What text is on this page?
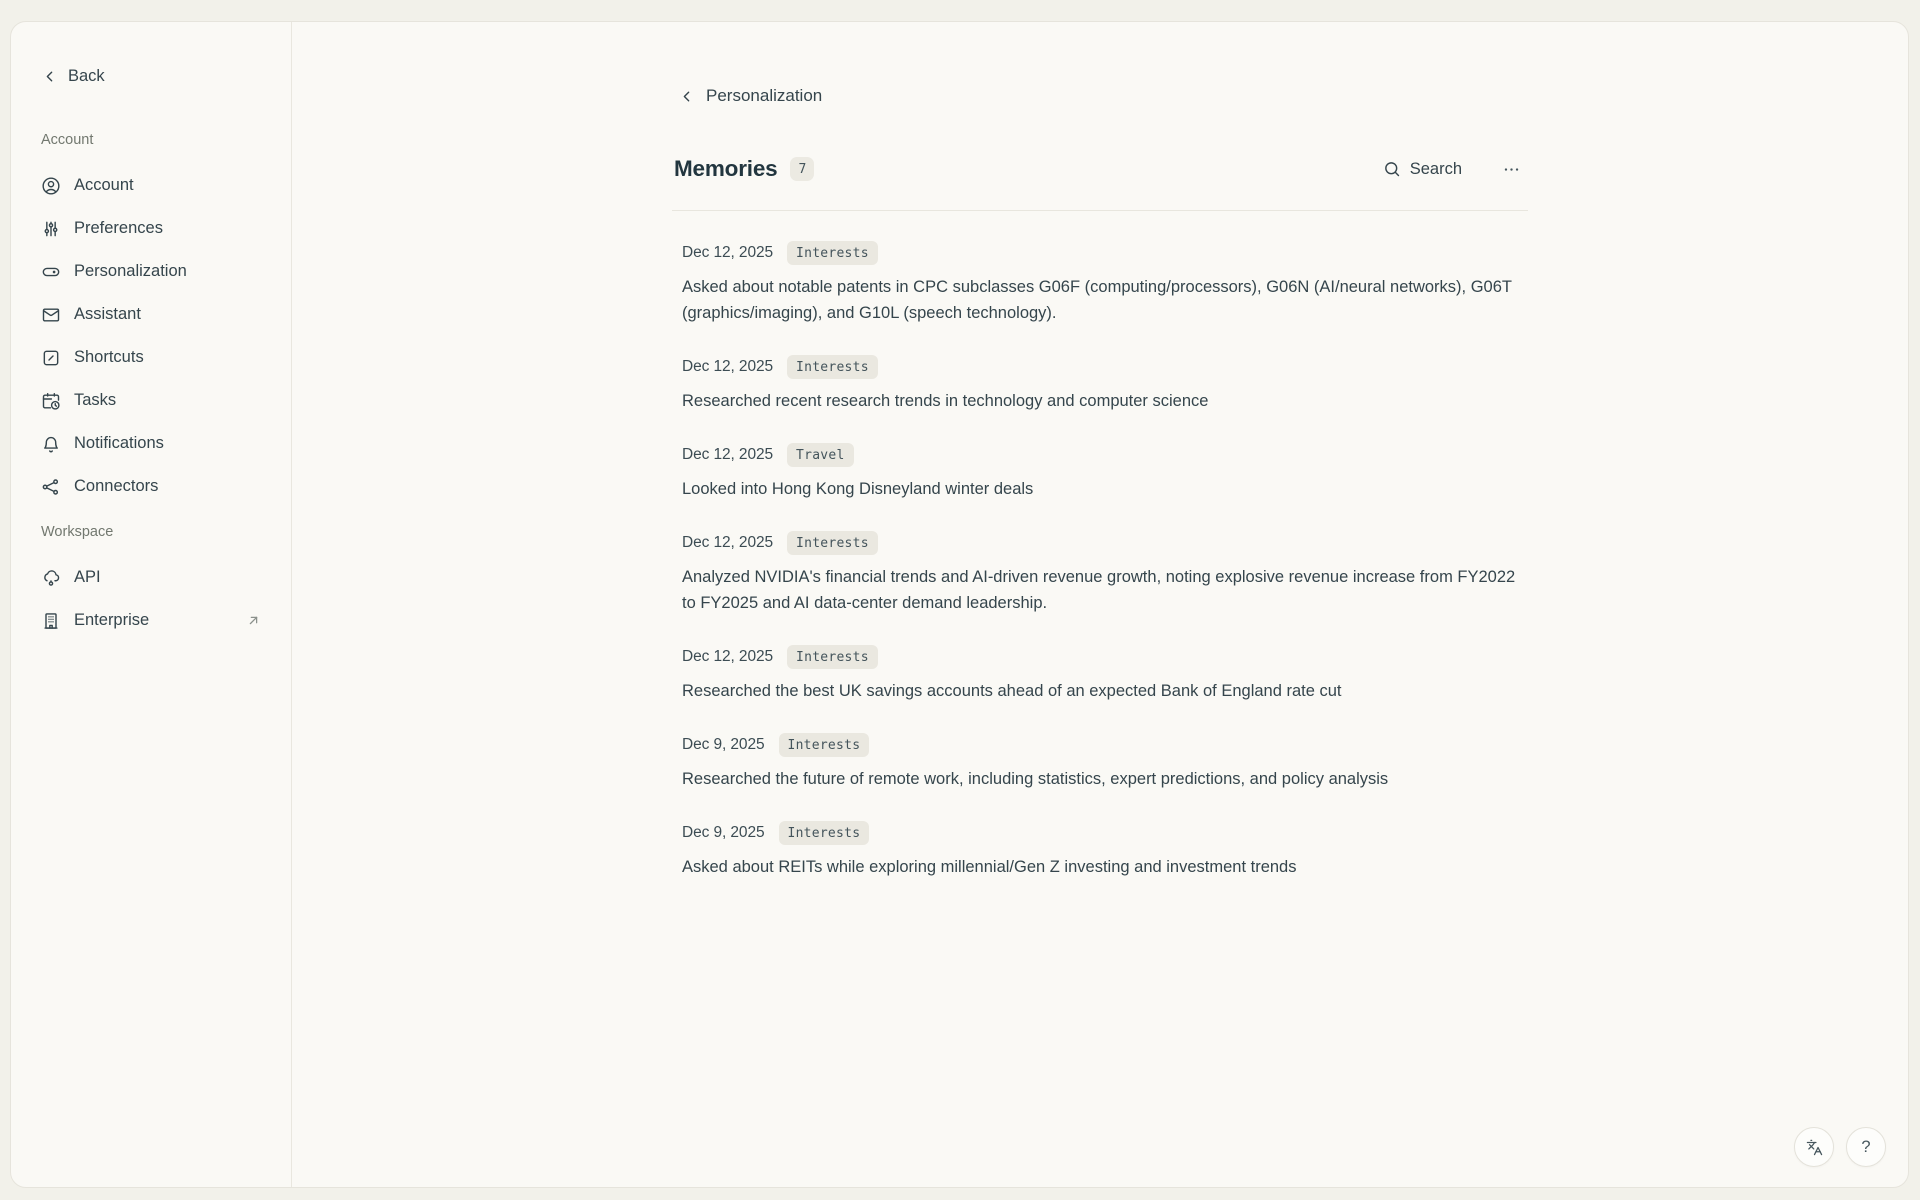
Back
Account
Account
Preferences
Personalization
Assistant
Shortcuts
Tasks
Notifications
Connectors
Workspace
API
Enterprise
Personalization
Memories	7	Search
Dec 12, 2025	Interests
Asked about notable patents in CPC subclasses G06F (computing/processors), G06N (AI/neural networks), G06T (graphics/imaging), and G10L (speech technology).
Dec 12, 2025	Interests
Researched recent research trends in technology and computer science
Dec 12, 2025	Travel
Looked into Hong Kong Disneyland winter deals
Dec 12, 2025	Interests
Analyzed NVIDIA's financial trends and AI-driven revenue growth, noting explosive revenue increase from FY2022 to FY2025 and AI data-center demand leadership.
Dec 12, 2025	Interests
Researched the best UK savings accounts ahead of an expected Bank of England rate cut
Dec 9, 2025	Interests
Researched the future of remote work, including statistics, expert predictions, and policy analysis
Dec 9, 2025	Interests
Asked about REITs while exploring millennial/Gen Z investing and investment trends
?
